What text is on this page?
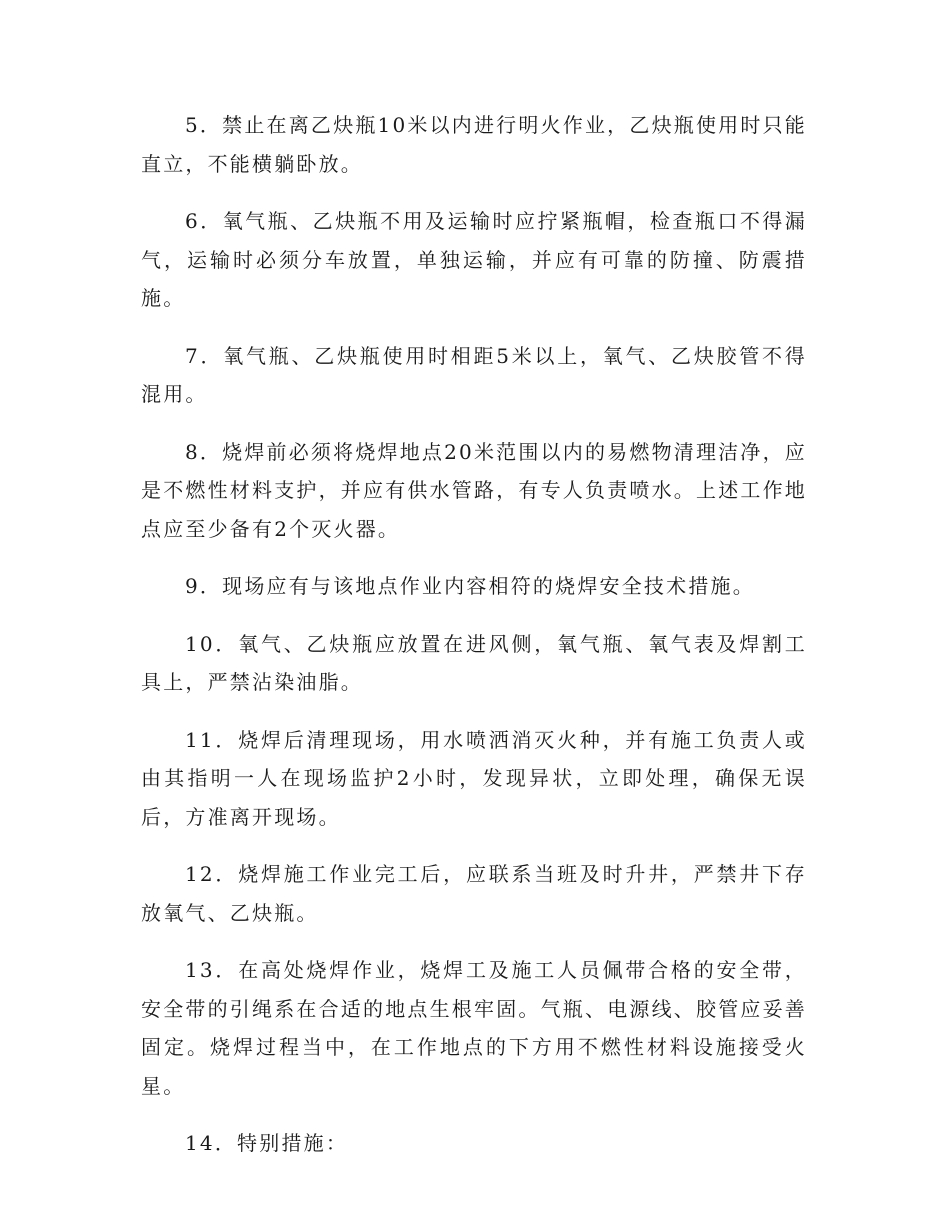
5．禁止在离乙炔瓶10米以内进行明火作业，乙炔瓶使用时只能直立，不能横躺卧放。

6．氧气瓶、乙炔瓶不用及运输时应拧紧瓶帽，检查瓶口不得漏气，运输时必须分车放置，单独运输，并应有可靠的防撞、防震措施。

7．氧气瓶、乙炔瓶使用时相距5米以上，氧气、乙炔胶管不得混用。

8．烧焊前必须将烧焊地点20米范围以内的易燃物清理洁净，应是不燃性材料支护，并应有供水管路，有专人负责喷水。上述工作地点应至少备有2个灭火器。

9．现场应有与该地点作业内容相符的烧焊安全技术措施。

10．氧气、乙炔瓶应放置在进风侧，氧气瓶、氧气表及焊割工具上，严禁沾染油脂。

11．烧焊后清理现场，用水喷洒消灭火种，并有施工负责人或由其指明一人在现场监护2小时，发现异状，立即处理，确保无误后，方准离开现场。

12．烧焊施工作业完工后，应联系当班及时升井，严禁井下存放氧气、乙炔瓶。

13．在高处烧焊作业，烧焊工及施工人员佩带合格的安全带，安全带的引绳系在合适的地点生根牢固。气瓶、电源线、胶管应妥善固定。烧焊过程当中，在工作地点的下方用不燃性材料设施接受火星。

14．特别措施：
